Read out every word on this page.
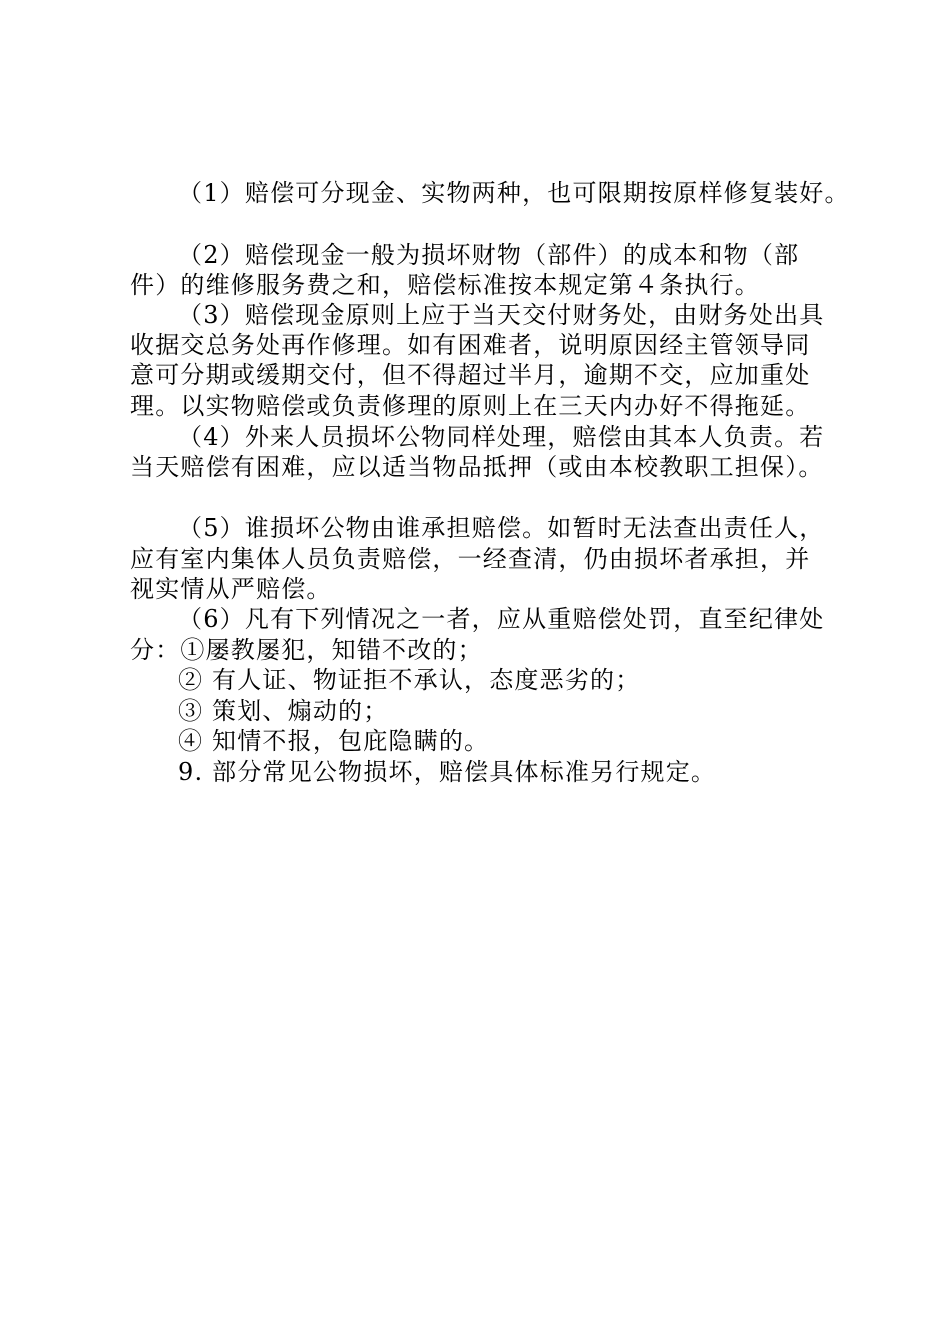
（1）赔偿可分现金、实物两种，也可限期按原样修复装好。
（2）赔偿现金一般为损坏财物（部件）的成本和物（部
件）的维修服务费之和，赔偿标准按本规定第４条执行。
（3）赔偿现金原则上应于当天交付财务处，由财务处出具
收据交总务处再作修理。如有困难者，说明原因经主管领导同
意可分期或缓期交付，但不得超过半月，逾期不交，应加重处
理。以实物赔偿或负责修理的原则上在三天内办好不得拖延。
（4）外来人员损坏公物同样处理，赔偿由其本人负责。若
当天赔偿有困难，应以适当物品抵押（或由本校教职工担保）。
（5）谁损坏公物由谁承担赔偿。如暂时无法查出责任人，
应有室内集体人员负责赔偿，一经查清，仍由损坏者承担，并
视实情从严赔偿。
（6）凡有下列情况之一者，应从重赔偿处罚，直至纪律处
分：①屡教屡犯，知错不改的；
② 有人证、物证拒不承认，态度恶劣的；
③ 策划、煽动的；
④ 知情不报，包庇隐瞒的。
9. 部分常见公物损坏，赔偿具体标准另行规定。
